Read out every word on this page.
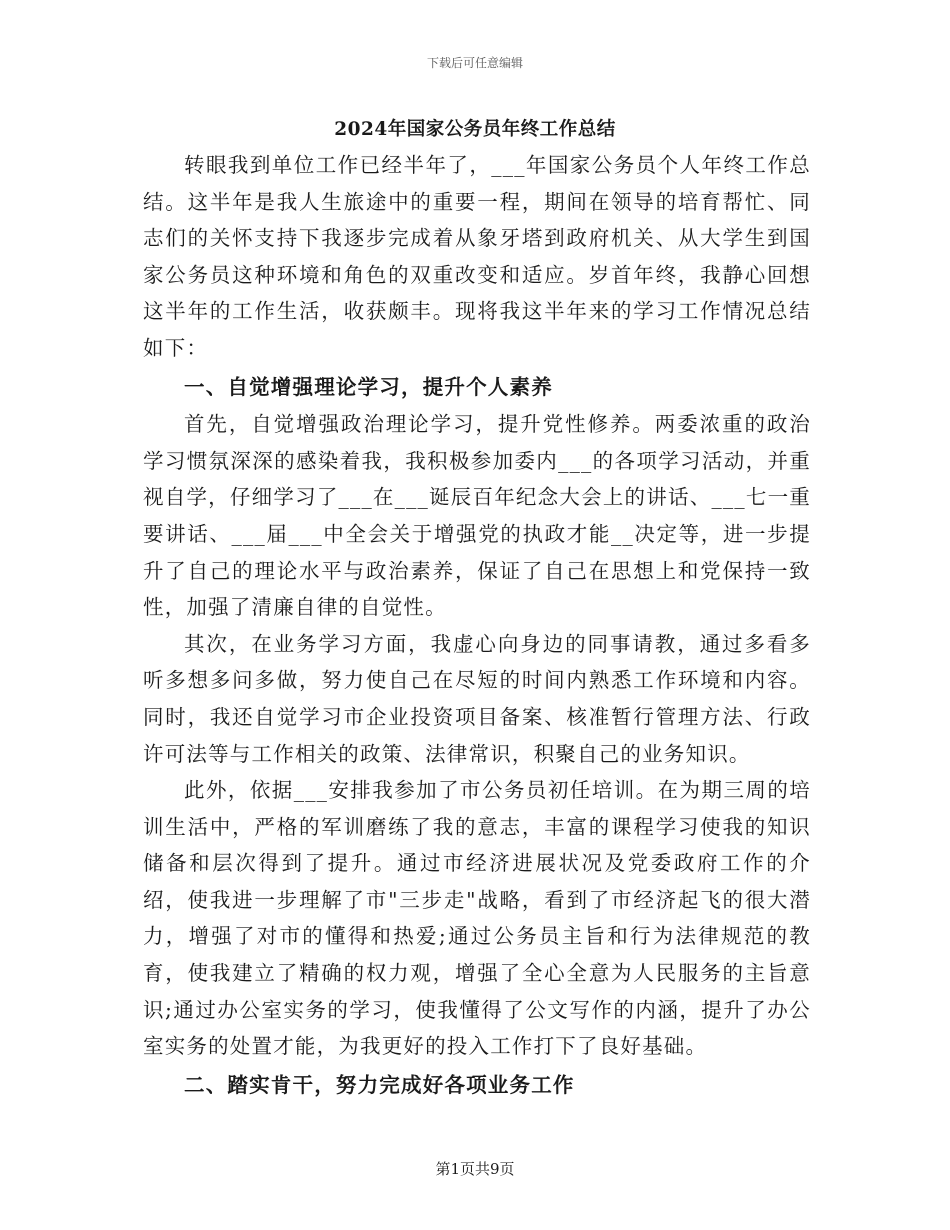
下载后可任意编辑
2024年国家公务员年终工作总结

转眼我到单位工作已经半年了，___年国家公务员个人年终工作总结。这半年是我人生旅途中的重要一程，期间在领导的培育帮忙、同志们的关怀支持下我逐步完成着从象牙塔到政府机关、从大学生到国家公务员这种环境和角色的双重改变和适应。岁首年终，我静心回想这半年的工作生活，收获颇丰。现将我这半年来的学习工作情况总结如下：

一、自觉增强理论学习，提升个人素养

首先，自觉增强政治理论学习，提升党性修养。两委浓重的政治学习惯氛深深的感染着我，我积极参加委内___的各项学习活动，并重视自学，仔细学习了___在___诞辰百年纪念大会上的讲话、___七一重要讲话、___届___中全会关于增强党的执政才能__决定等，进一步提升了自己的理论水平与政治素养，保证了自己在思想上和党保持一致性，加强了清廉自律的自觉性。

其次，在业务学习方面，我虚心向身边的同事请教，通过多看多听多想多问多做，努力使自己在尽短的时间内熟悉工作环境和内容。同时，我还自觉学习市企业投资项目备案、核准暂行管理方法、行政许可法等与工作相关的政策、法律常识，积聚自己的业务知识。

此外，依据___安排我参加了市公务员初任培训。在为期三周的培训生活中，严格的军训磨练了我的意志，丰富的课程学习使我的知识储备和层次得到了提升。通过市经济进展状况及党委政府工作的介绍，使我进一步理解了市"三步走"战略，看到了市经济起飞的很大潜力，增强了对市的懂得和热爱;通过公务员主旨和行为法律规范的教育，使我建立了精确的权力观，增强了全心全意为人民服务的主旨意识;通过办公室实务的学习，使我懂得了公文写作的内涵，提升了办公室实务的处置才能，为我更好的投入工作打下了良好基础。

二、踏实肯干，努力完成好各项业务工作
第1页共9页
